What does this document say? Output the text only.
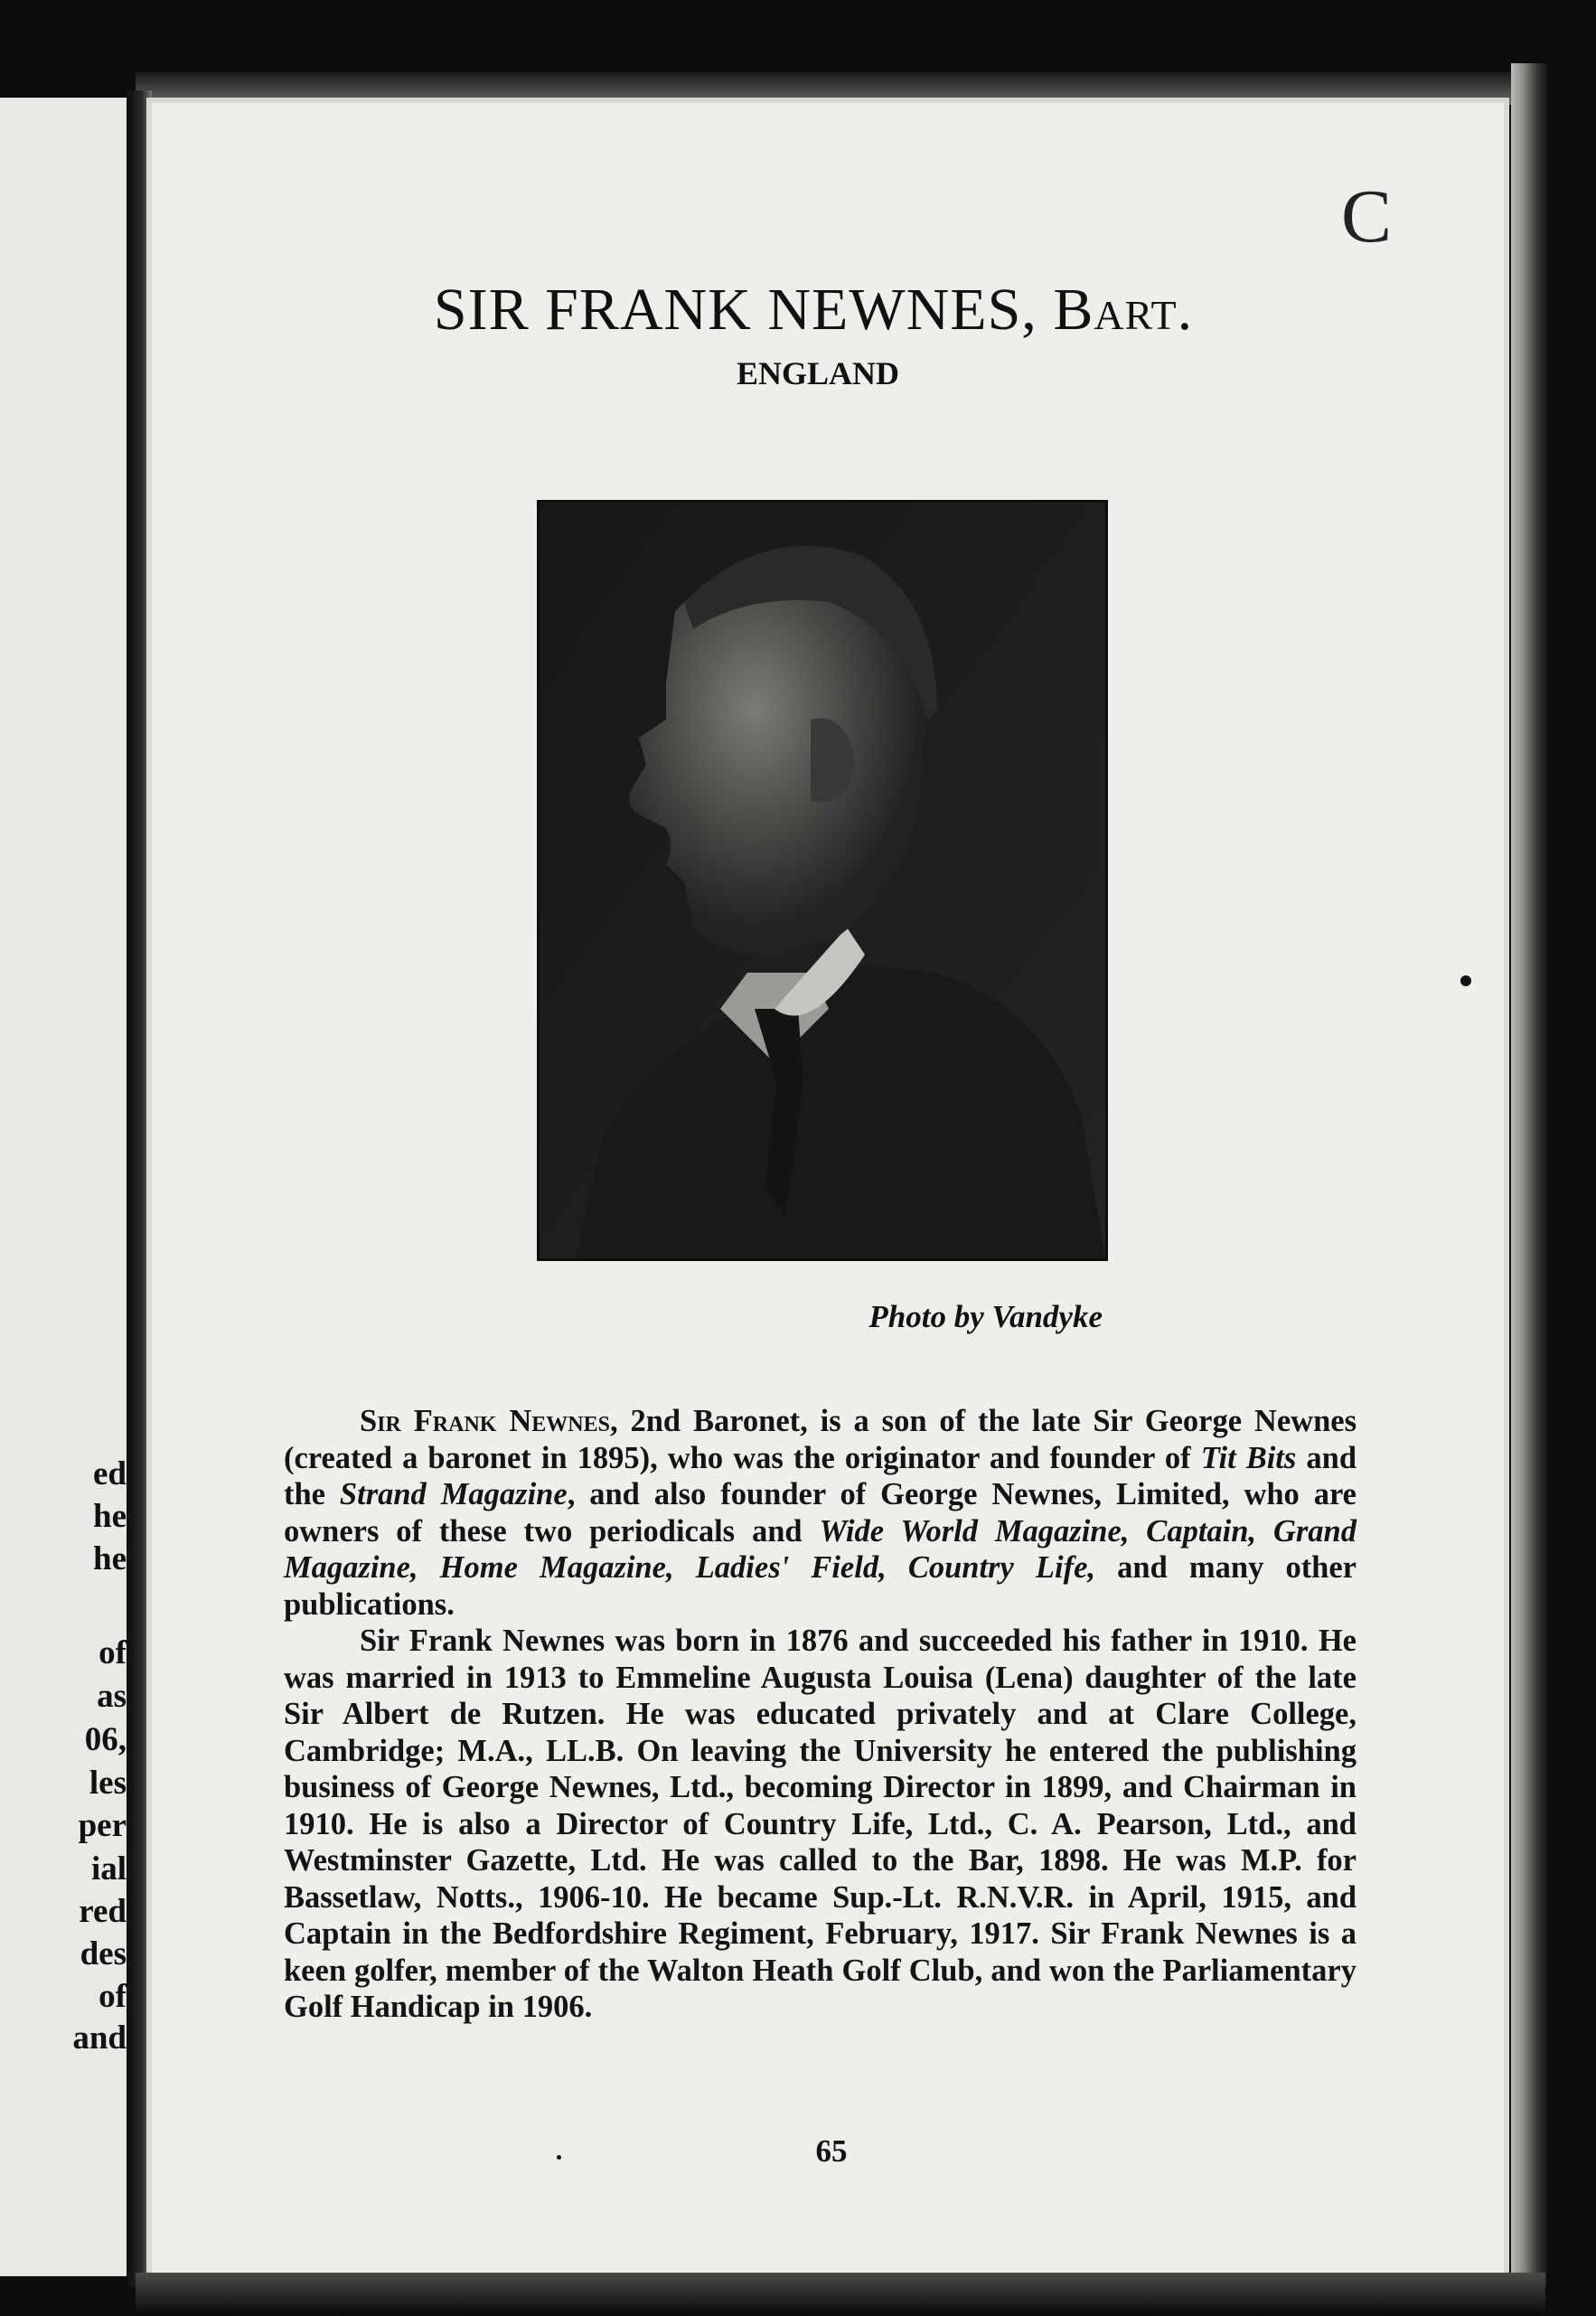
ed
he
he
of
as
06,
les
per
ial
red
des
of
and
C
SIR FRANK NEWNES, Bart.
ENGLAND
Photo by Vandyke

Sir Frank Newnes, 2nd Baronet, is a son of the late Sir George Newnes (created a baronet in 1895), who was the originator and founder of Tit Bits and the Strand Magazine, and also founder of George Newnes, Limited, who are owners of these two periodicals and Wide World Magazine, Captain, Grand Magazine, Home Magazine, Ladies' Field, Country Life, and many other publications.

Sir Frank Newnes was born in 1876 and succeeded his father in 1910. He was married in 1913 to Emmeline Augusta Louisa (Lena) daughter of the late Sir Albert de Rutzen. He was educated privately and at Clare College, Cambridge; M.A., LL.B. On leaving the University he entered the publishing business of George Newnes, Ltd., becoming Director in 1899, and Chairman in 1910. He is also a Director of Country Life, Ltd., C. A. Pearson, Ltd., and Westminster Gazette, Ltd. He was called to the Bar, 1898. He was M.P. for Bassetlaw, Notts., 1906-10. He became Sup.-Lt. R.N.V.R. in April, 1915, and Captain in the Bedfordshire Regiment, February, 1917. Sir Frank Newnes is a keen golfer, member of the Walton Heath Golf Club, and won the Parliamentary Golf Handicap in 1906.

65
